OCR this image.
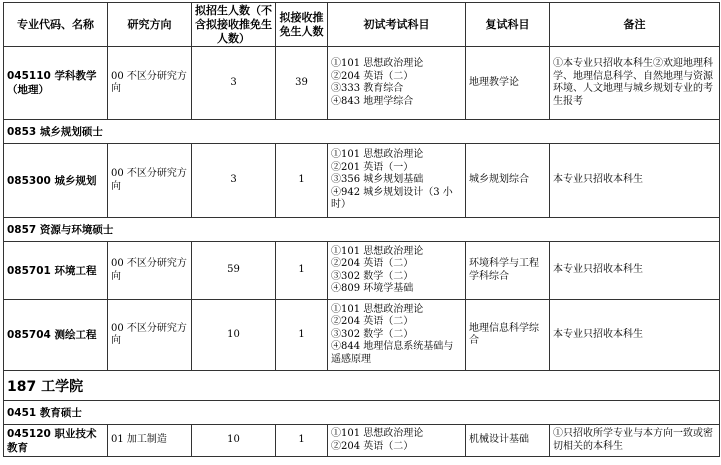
专业代码、名称	研究方向	拟招生人数（不含拟接收推免生人数）	拟接收推免生人数	初试考试科目	复试科目	备注
045110 学科教学（地理）	00 不区分研究方向	3	39	①101 思想政治理论
②204 英语（二）
③333 教育综合
④843 地理学综合	地理教学论	①本专业只招收本科生②欢迎地理科学、地理信息科学、自然地理与资源环境、人文地理与城乡规划专业的考生报考
0853 城乡规划硕士						
085300 城乡规划	00 不区分研究方向	3	1	①101 思想政治理论
②201 英语（一）
③356 城乡规划基础
④942 城乡规划设计（3 小时）	城乡规划综合	本专业只招收本科生
0857 资源与环境硕士						
085701 环境工程	00 不区分研究方向	59	1	①101 思想政治理论
②204 英语（二）
③302 数学（二）
④809 环境学基础	环境科学与工程学科综合	本专业只招收本科生
085704 测绘工程	00 不区分研究方向	10	1	①101 思想政治理论
②204 英语（二）
③302 数学（二）
④844 地理信息系统基础与遥感原理	地理信息科学综合	本专业只招收本科生
187 工学院						
0451 教育硕士						
045120 职业技术教育	01 加工制造	10	1	①101 思想政治理论
②204 英语（二）	机械设计基础	①只招收所学专业与本方向一致或密切相关的本科生
